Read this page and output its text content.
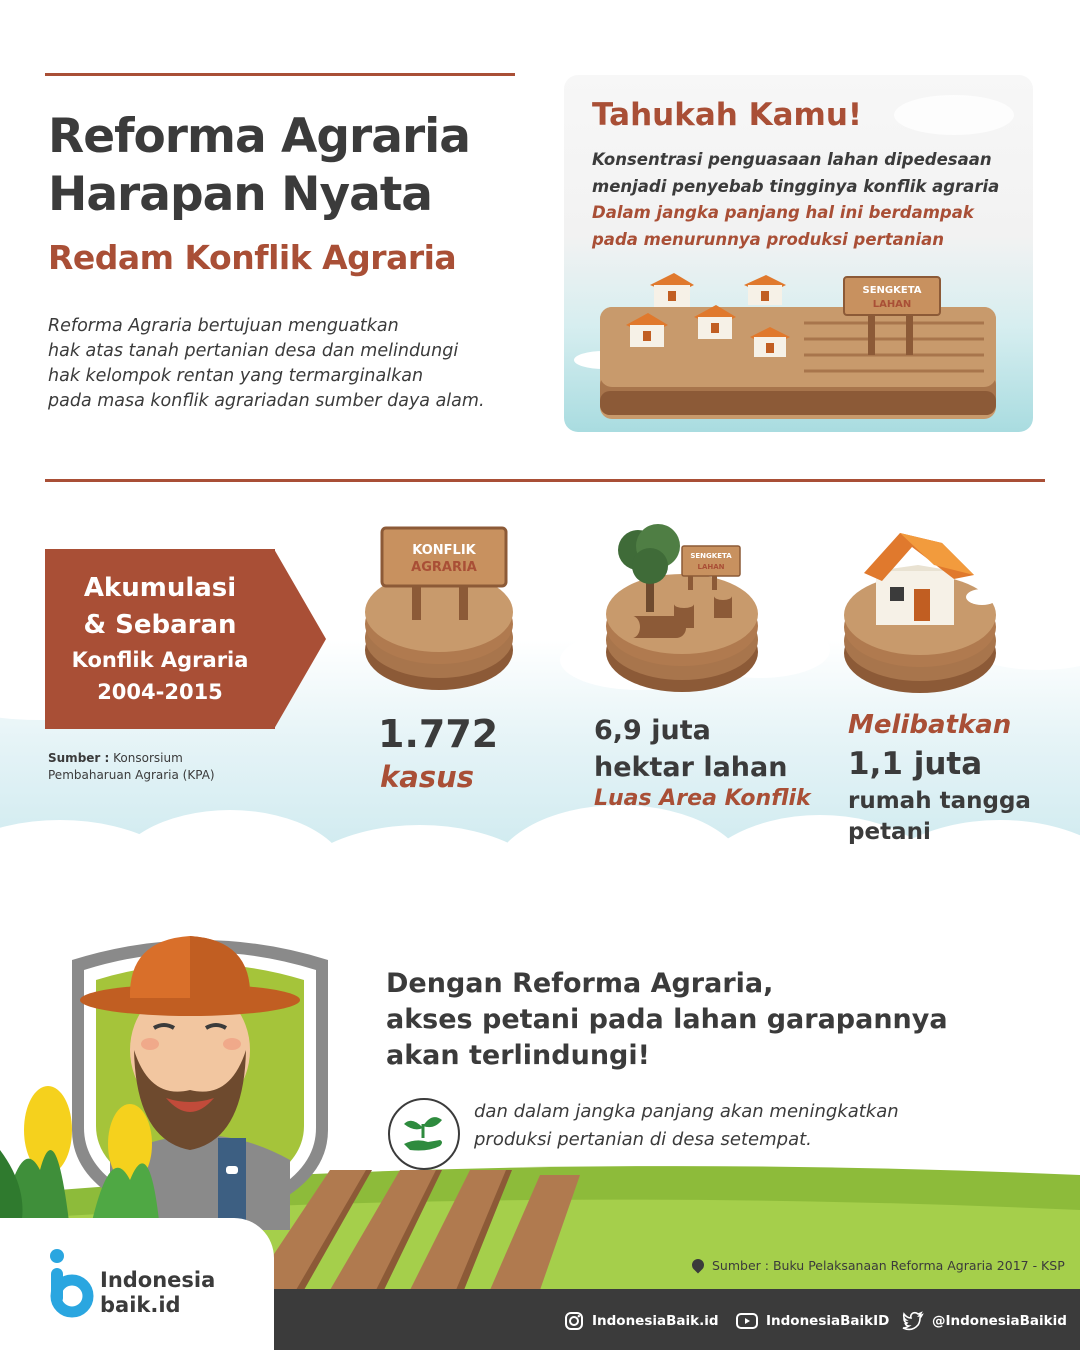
Reforma Agraria
Harapan Nyata
Redam Konflik Agraria
Reforma Agraria bertujuan menguatkan
hak atas tanah pertanian desa dan melindungi
hak kelompok rentan yang termarginalkan
pada masa konflik agrariadan sumber daya alam.
Tahukah Kamu!
Konsentrasi penguasaan lahan dipedesaan
menjadi penyebab tingginya konflik agraria
Dalam jangka panjang hal ini berdampak
pada menurunnya produksi pertanian
SENGKETA
LAHAN
Akumulasi
& Sebaran
Konflik Agraria
2004-2015
Sumber : Konsorsium
Pembaharuan Agraria (KPA)
KONFLIK
AGRARIA
1.772
kasus
SENGKETA
LAHAN
6,9 juta
hektar lahan
Luas Area Konflik
Melibatkan
1,1 juta
rumah tangga
petani
Dengan Reforma Agraria,
akses petani pada lahan garapannya
akan terlindungi!
dan dalam jangka panjang akan meningkatkan
produksi pertanian di desa setempat.
Sumber : Buku Pelaksanaan Reforma Agraria 2017 - KSP
Indonesia
baik.id
IndonesiaBaik.id	IndonesiaBaikID	@IndonesiaBaikid
